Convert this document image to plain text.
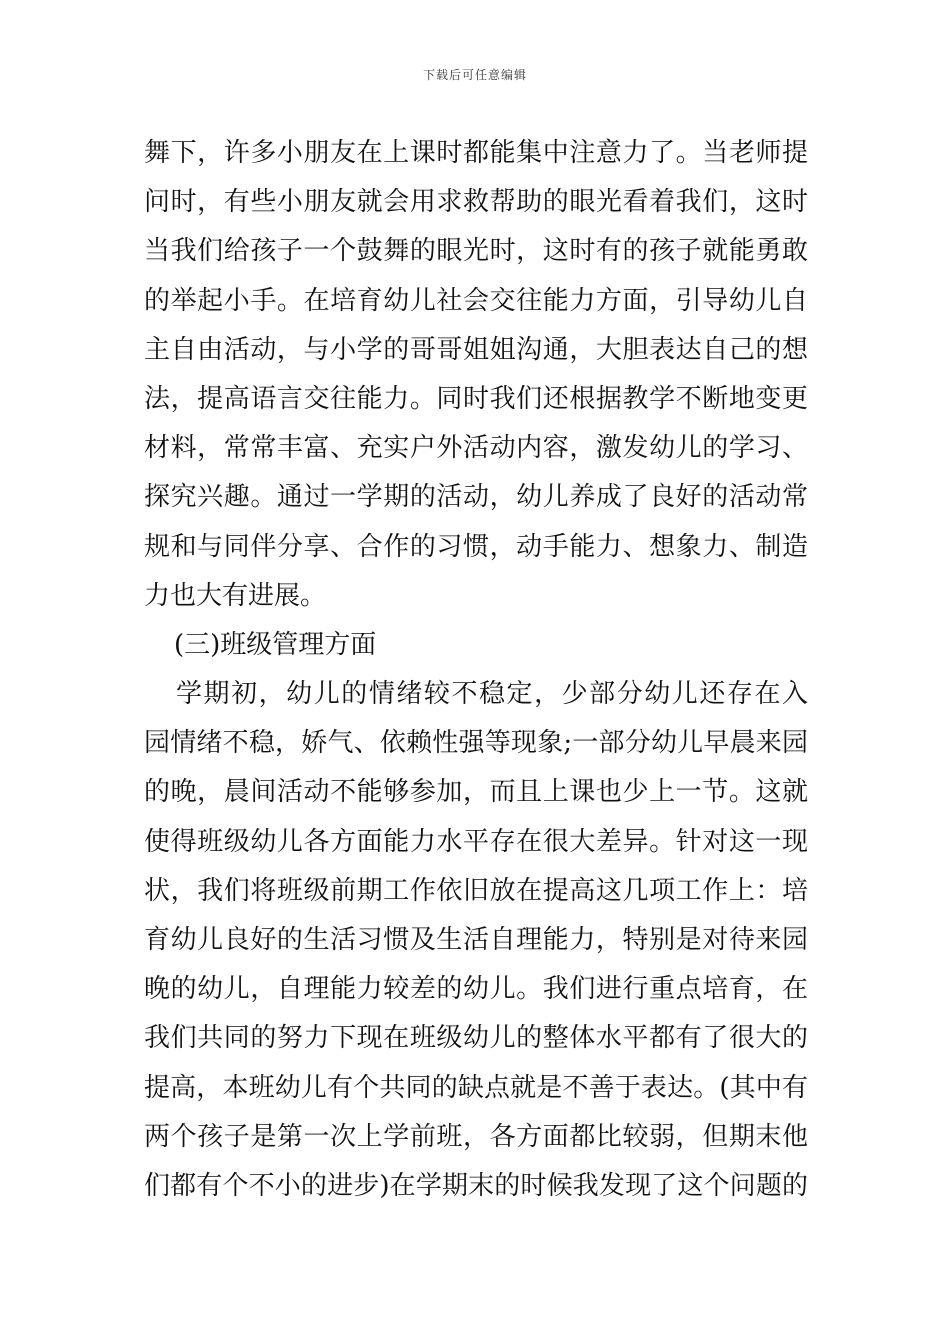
下载后可任意编辑
舞下，许多小朋友在上课时都能集中注意力了。当老师提
问时，有些小朋友就会用求救帮助的眼光看着我们，这时
当我们给孩子一个鼓舞的眼光时，这时有的孩子就能勇敢
的举起小手。在培育幼儿社会交往能力方面，引导幼儿自
主自由活动，与小学的哥哥姐姐沟通，大胆表达自己的想
法，提高语言交往能力。同时我们还根据教学不断地变更
材料，常常丰富、充实户外活动内容，激发幼儿的学习、
探究兴趣。通过一学期的活动，幼儿养成了良好的活动常
规和与同伴分享、合作的习惯，动手能力、想象力、制造
力也大有进展。
(三)班级管理方面
学期初，幼儿的情绪较不稳定，少部分幼儿还存在入
园情绪不稳，娇气、依赖性强等现象;一部分幼儿早晨来园
的晚，晨间活动不能够参加，而且上课也少上一节。这就
使得班级幼儿各方面能力水平存在很大差异。针对这一现
状，我们将班级前期工作依旧放在提高这几项工作上：培
育幼儿良好的生活习惯及生活自理能力，特别是对待来园
晚的幼儿，自理能力较差的幼儿。我们进行重点培育，在
我们共同的努力下现在班级幼儿的整体水平都有了很大的
提高，本班幼儿有个共同的缺点就是不善于表达。(其中有
两个孩子是第一次上学前班，各方面都比较弱，但期末他
们都有个不小的进步)在学期末的时候我发现了这个问题的
